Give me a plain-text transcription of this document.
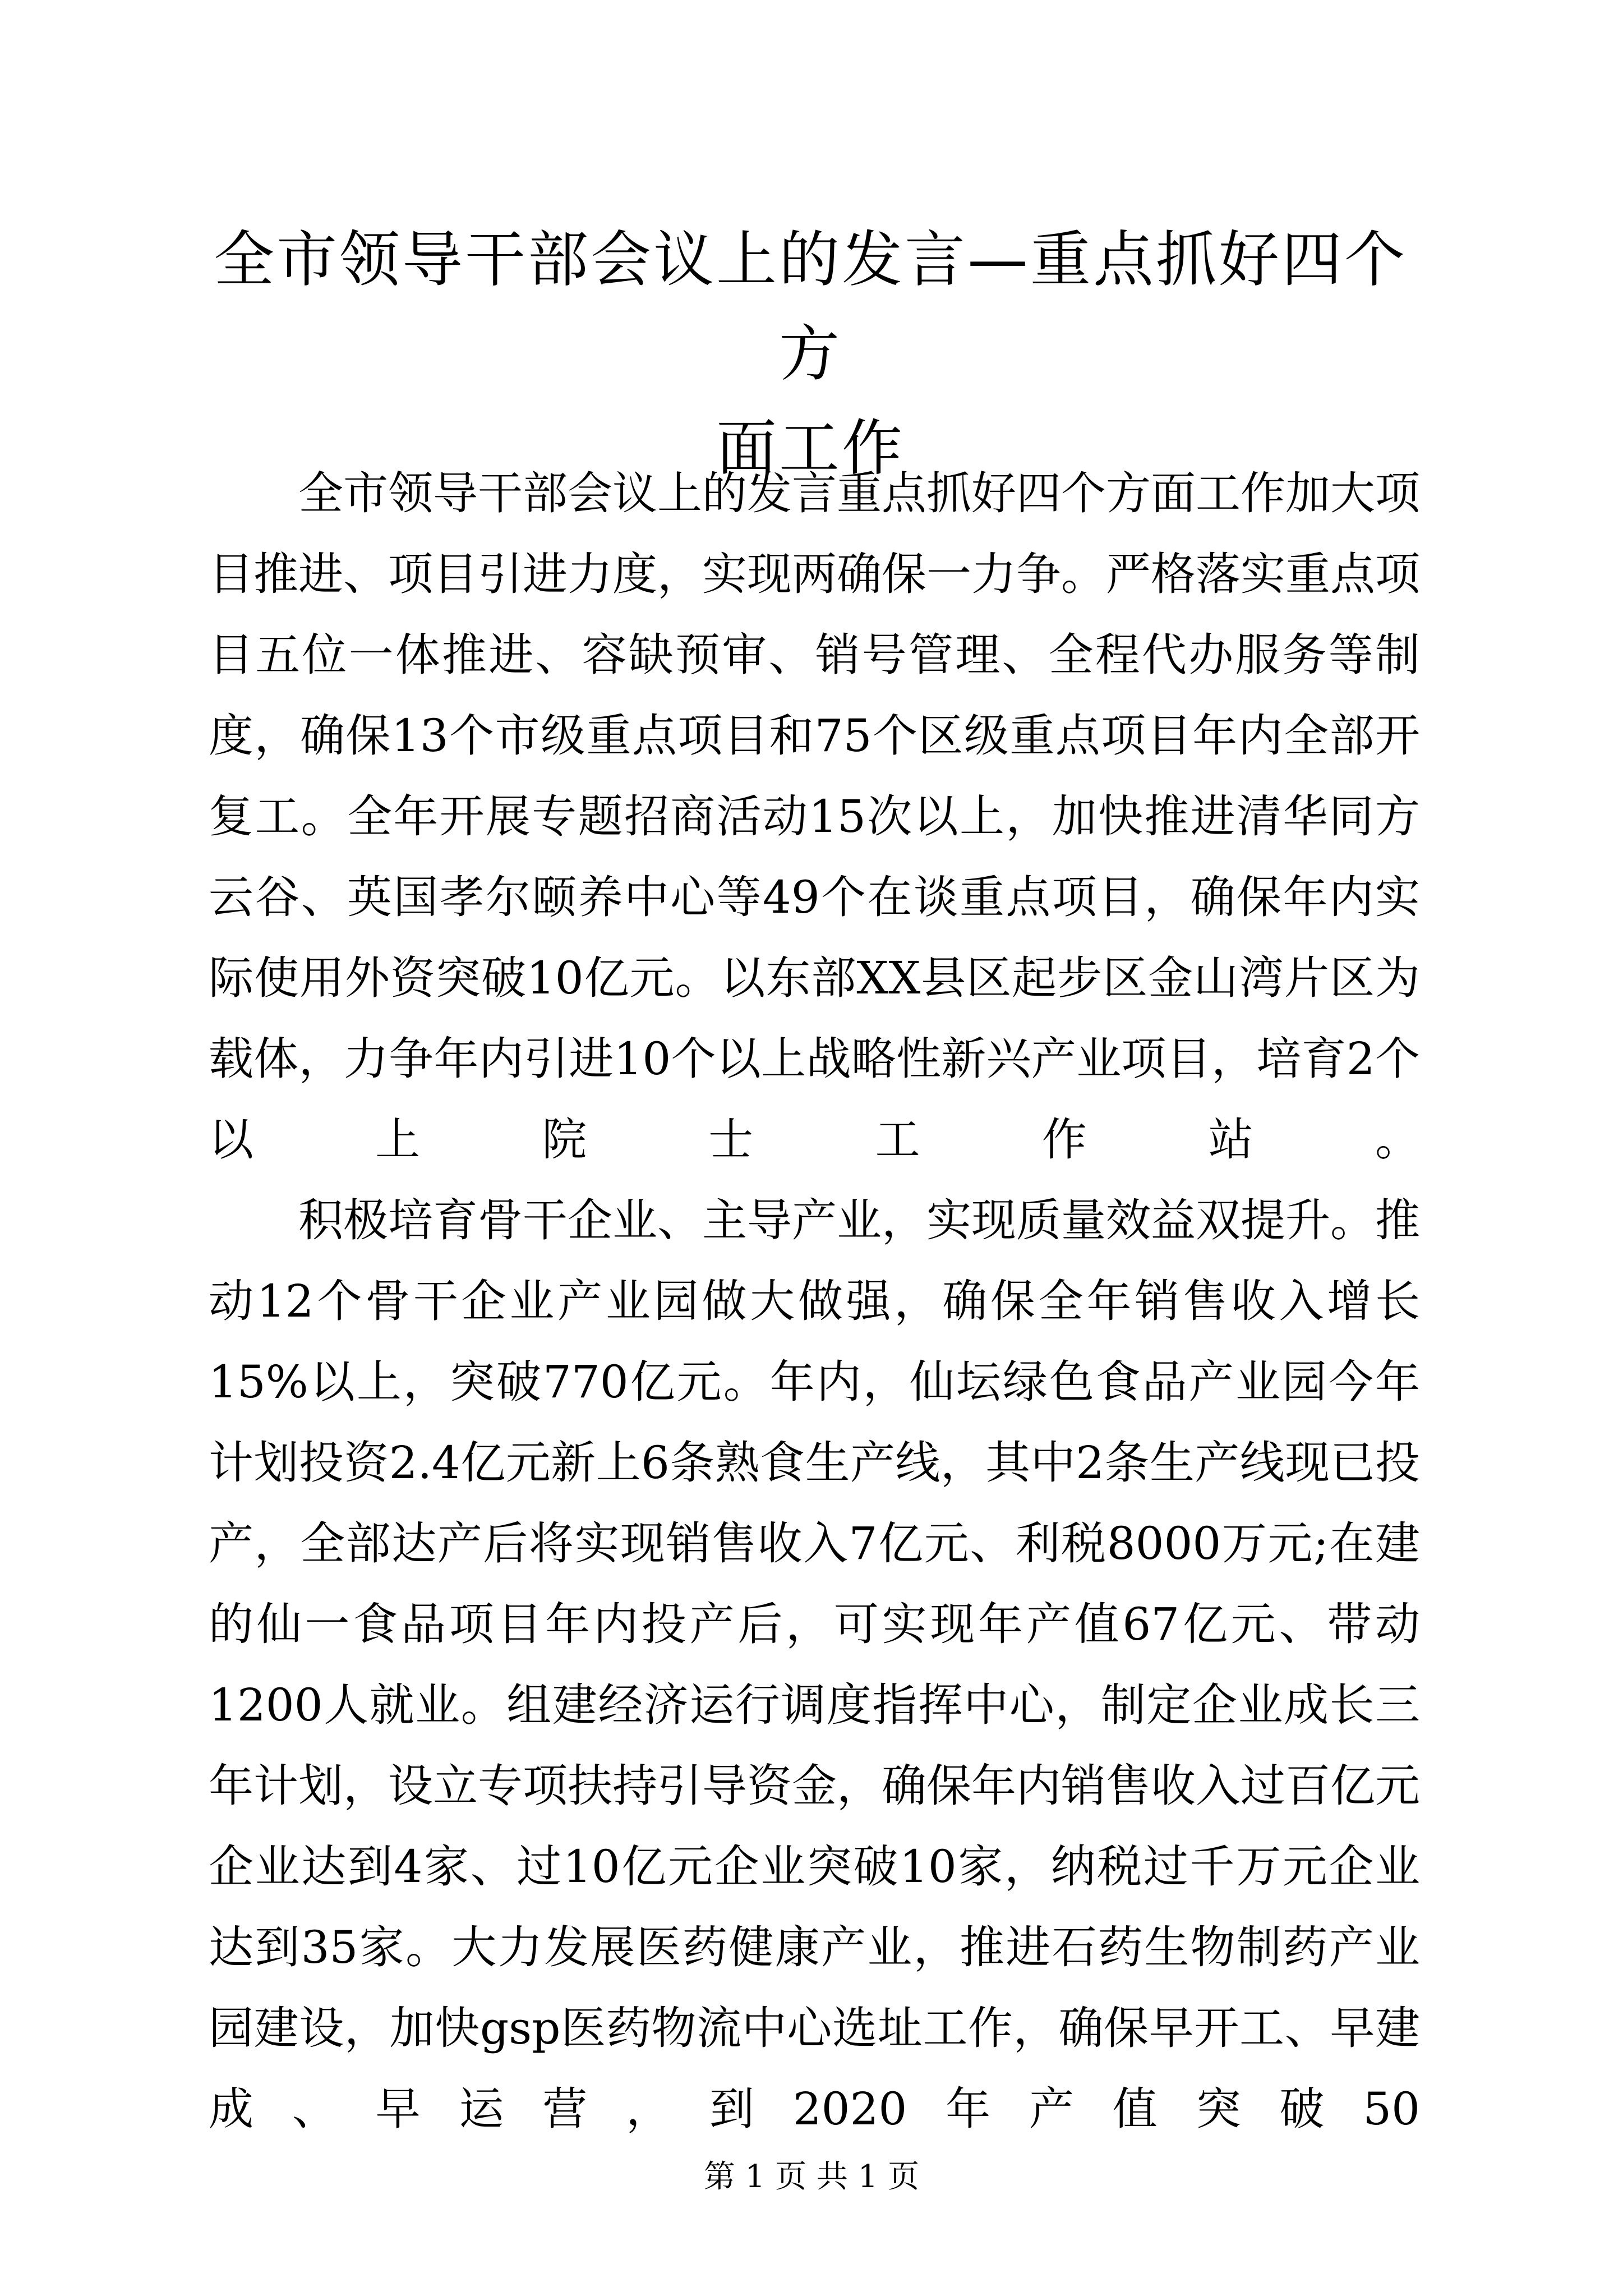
全市领导干部会议上的发言—重点抓好四个方
面工作

全市领导干部会议上的发言重点抓好四个方面工作加大项目推进、项目引进力度，实现两确保一力争。严格落实重点项目五位一体推进、容缺预审、销号管理、全程代办服务等制度，确保13个市级重点项目和75个区级重点项目年内全部开复工。全年开展专题招商活动15次以上，加快推进清华同方云谷、英国孝尔颐养中心等49个在谈重点项目，确保年内实际使用外资突破10亿元。以东部XX县区起步区金山湾片区为载体，力争年内引进10个以上战略性新兴产业项目，培育2个以上院士工作站。

积极培育骨干企业、主导产业，实现质量效益双提升。推动12个骨干企业产业园做大做强，确保全年销售收入增长15%以上，突破770亿元。年内，仙坛绿色食品产业园今年计划投资2.4亿元新上6条熟食生产线，其中2条生产线现已投产，全部达产后将实现销售收入7亿元、利税8000万元;在建的仙一食品项目年内投产后，可实现年产值67亿元、带动1200人就业。组建经济运行调度指挥中心，制定企业成长三年计划，设立专项扶持引导资金，确保年内销售收入过百亿元企业达到4家、过10亿元企业突破10家，纳税过千万元企业达到35家。大力发展医药健康产业，推进石药生物制药产业园建设，加快gsp医药物流中心选址工作，确保早开工、早建成、早运营，到2020年产值突破50

第 1 页 共 1 页
